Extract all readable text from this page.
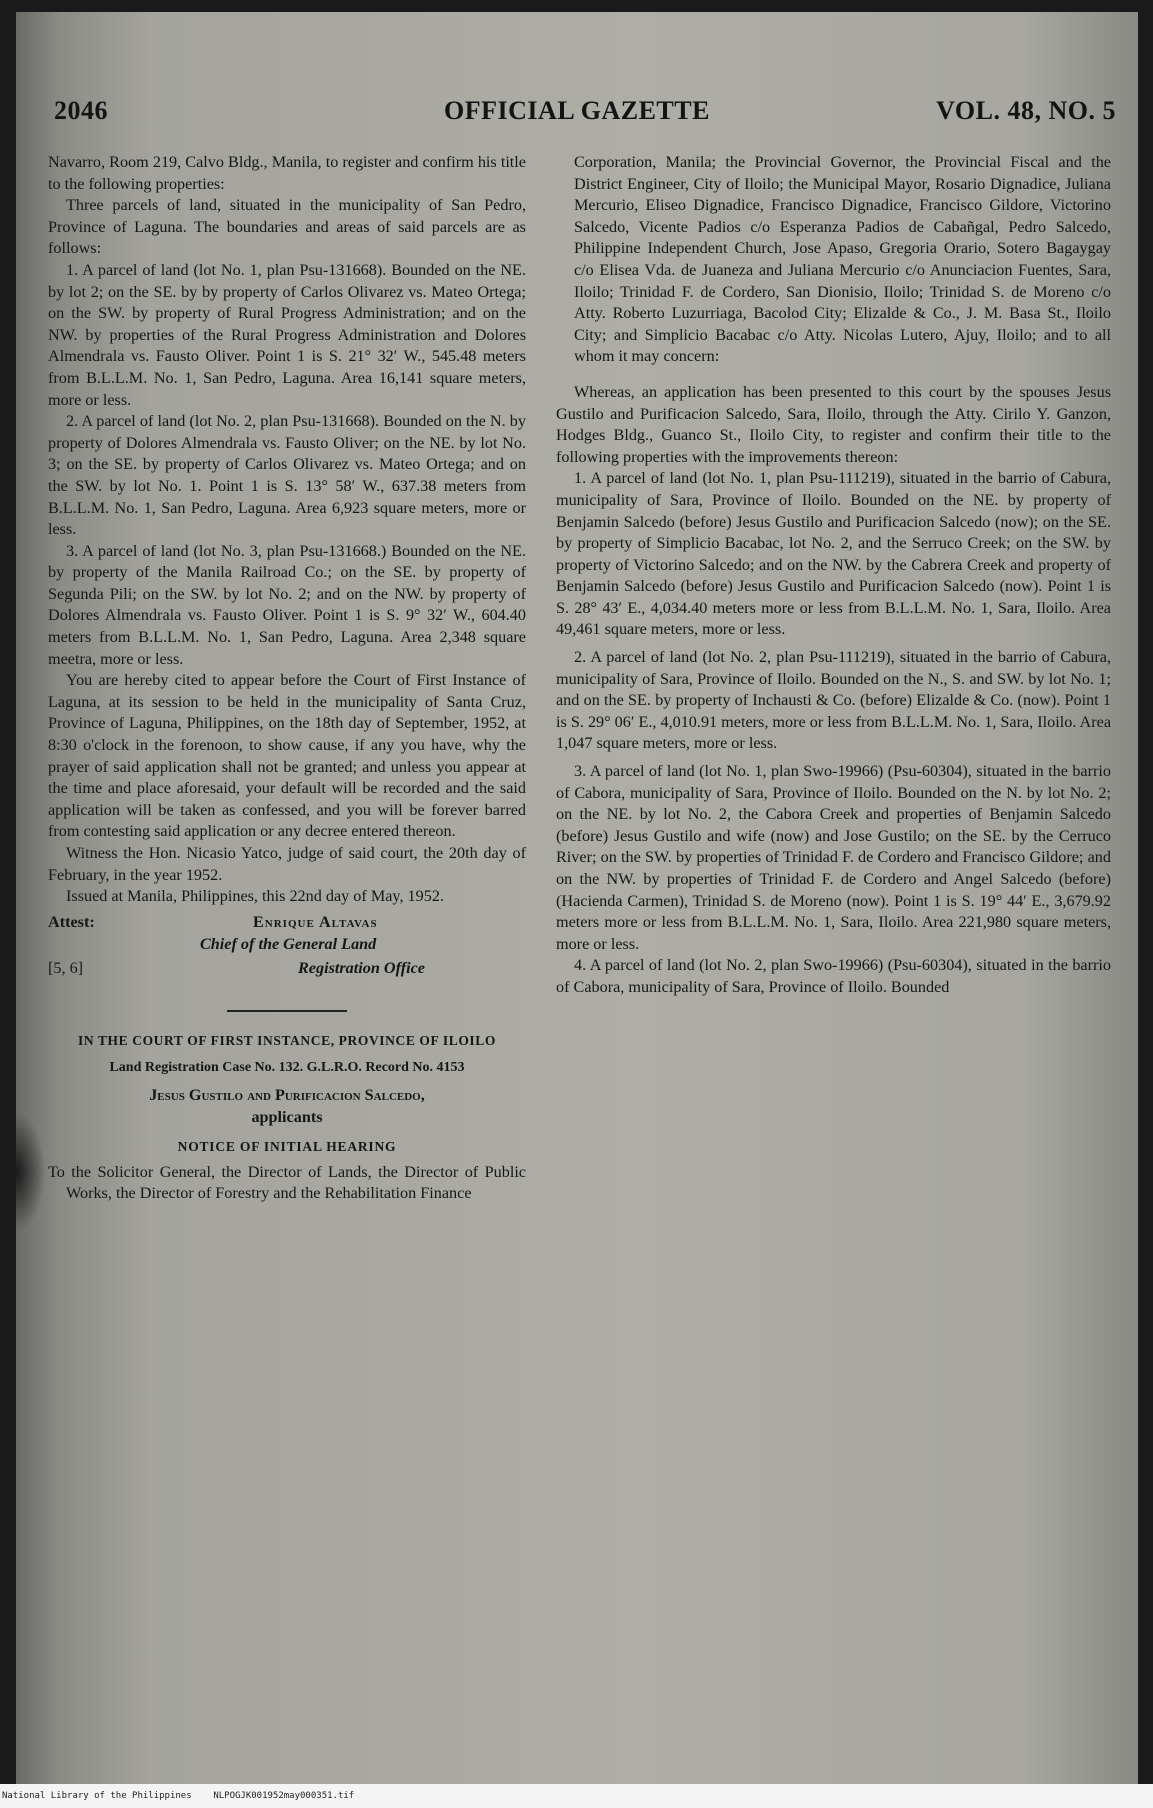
2046	OFFICIAL GAZETTE	VOL. 48, NO. 5

Navarro, Room 219, Calvo Bldg., Manila, to register and confirm his title to the following properties:

Three parcels of land, situated in the municipality of San Pedro, Province of Laguna. The boundaries and areas of said parcels are as follows:

1. A parcel of land (lot No. 1, plan Psu-131668). Bounded on the NE. by lot 2; on the SE. by by property of Carlos Olivarez vs. Mateo Ortega; on the SW. by property of Rural Progress Administration; and on the NW. by properties of the Rural Progress Administration and Dolores Almendrala vs. Fausto Oliver. Point 1 is S. 21° 32′ W., 545.48 meters from B.L.L.M. No. 1, San Pedro, Laguna. Area 16,141 square meters, more or less.

2. A parcel of land (lot No. 2, plan Psu-131668). Bounded on the N. by property of Dolores Almendrala vs. Fausto Oliver; on the NE. by lot No. 3; on the SE. by property of Carlos Olivarez vs. Mateo Ortega; and on the SW. by lot No. 1. Point 1 is S. 13° 58′ W., 637.38 meters from B.L.L.M. No. 1, San Pedro, Laguna. Area 6,923 square meters, more or less.

3. A parcel of land (lot No. 3, plan Psu-131668.) Bounded on the NE. by property of the Manila Railroad Co.; on the SE. by property of Segunda Pili; on the SW. by lot No. 2; and on the NW. by property of Dolores Almendrala vs. Fausto Oliver. Point 1 is S. 9° 32′ W., 604.40 meters from B.L.L.M. No. 1, San Pedro, Laguna. Area 2,348 square meetra, more or less.

You are hereby cited to appear before the Court of First Instance of Laguna, at its session to be held in the municipality of Santa Cruz, Province of Laguna, Philippines, on the 18th day of September, 1952, at 8:30 o'clock in the forenoon, to show cause, if any you have, why the prayer of said application shall not be granted; and unless you appear at the time and place aforesaid, your default will be recorded and the said application will be taken as confessed, and you will be forever barred from contesting said application or any decree entered thereon.

Witness the Hon. Nicasio Yatco, judge of said court, the 20th day of February, in the year 1952.

Issued at Manila, Philippines, this 22nd day of May, 1952.

Attest:	Enrique Altavas
Chief of the General Land
[5, 6]	Registration Office

IN THE COURT OF FIRST INSTANCE, PROVINCE OF ILOILO

Land Registration Case No. 132. G.L.R.O. Record No. 4153

Jesus Gustilo and Purificacion Salcedo,

applicants

NOTICE OF INITIAL HEARING

To the Solicitor General, the Director of Lands, the Director of Public Works, the Director of Forestry and the Rehabilitation Finance

Corporation, Manila; the Provincial Governor, the Provincial Fiscal and the District Engineer, City of Iloilo; the Municipal Mayor, Rosario Dignadice, Juliana Mercurio, Eliseo Dignadice, Francisco Dignadice, Francisco Gildore, Victorino Salcedo, Vicente Padios c/o Esperanza Padios de Cabañgal, Pedro Salcedo, Philippine Independent Church, Jose Apaso, Gregoria Orario, Sotero Bagaygay c/o Elisea Vda. de Juaneza and Juliana Mercurio c/o Anunciacion Fuentes, Sara, Iloilo; Trinidad F. de Cordero, San Dionisio, Iloilo; Trinidad S. de Moreno c/o Atty. Roberto Luzurriaga, Bacolod City; Elizalde & Co., J. M. Basa St., Iloilo City; and Simplicio Bacabac c/o Atty. Nicolas Lutero, Ajuy, Iloilo; and to all whom it may concern:

Whereas, an application has been presented to this court by the spouses Jesus Gustilo and Purificacion Salcedo, Sara, Iloilo, through the Atty. Cirilo Y. Ganzon, Hodges Bldg., Guanco St., Iloilo City, to register and confirm their title to the following properties with the improvements thereon:

1. A parcel of land (lot No. 1, plan Psu-111219), situated in the barrio of Cabura, municipality of Sara, Province of Iloilo. Bounded on the NE. by property of Benjamin Salcedo (before) Jesus Gustilo and Purificacion Salcedo (now); on the SE. by property of Simplicio Bacabac, lot No. 2, and the Serruco Creek; on the SW. by property of Victorino Salcedo; and on the NW. by the Cabrera Creek and property of Benjamin Salcedo (before) Jesus Gustilo and Purificacion Salcedo (now). Point 1 is S. 28° 43′ E., 4,034.40 meters more or less from B.L.L.M. No. 1, Sara, Iloilo. Area 49,461 square meters, more or less.

2. A parcel of land (lot No. 2, plan Psu-111219), situated in the barrio of Cabura, municipality of Sara, Province of Iloilo. Bounded on the N., S. and SW. by lot No. 1; and on the SE. by property of Inchausti & Co. (before) Elizalde & Co. (now). Point 1 is S. 29° 06′ E., 4,010.91 meters, more or less from B.L.L.M. No. 1, Sara, Iloilo. Area 1,047 square meters, more or less.

3. A parcel of land (lot No. 1, plan Swo-19966) (Psu-60304), situated in the barrio of Cabora, municipality of Sara, Province of Iloilo. Bounded on the N. by lot No. 2; on the NE. by lot No. 2, the Cabora Creek and properties of Benjamin Salcedo (before) Jesus Gustilo and wife (now) and Jose Gustilo; on the SE. by the Cerruco River; on the SW. by properties of Trinidad F. de Cordero and Francisco Gildore; and on the NW. by properties of Trinidad F. de Cordero and Angel Salcedo (before) (Hacienda Carmen), Trinidad S. de Moreno (now). Point 1 is S. 19° 44′ E., 3,679.92 meters more or less from B.L.L.M. No. 1, Sara, Iloilo. Area 221,980 square meters, more or less.

4. A parcel of land (lot No. 2, plan Swo-19966) (Psu-60304), situated in the barrio of Cabora, municipality of Sara, Province of Iloilo. Bounded

National Library of the Philippines    NLPOGJK001952may000351.tif
